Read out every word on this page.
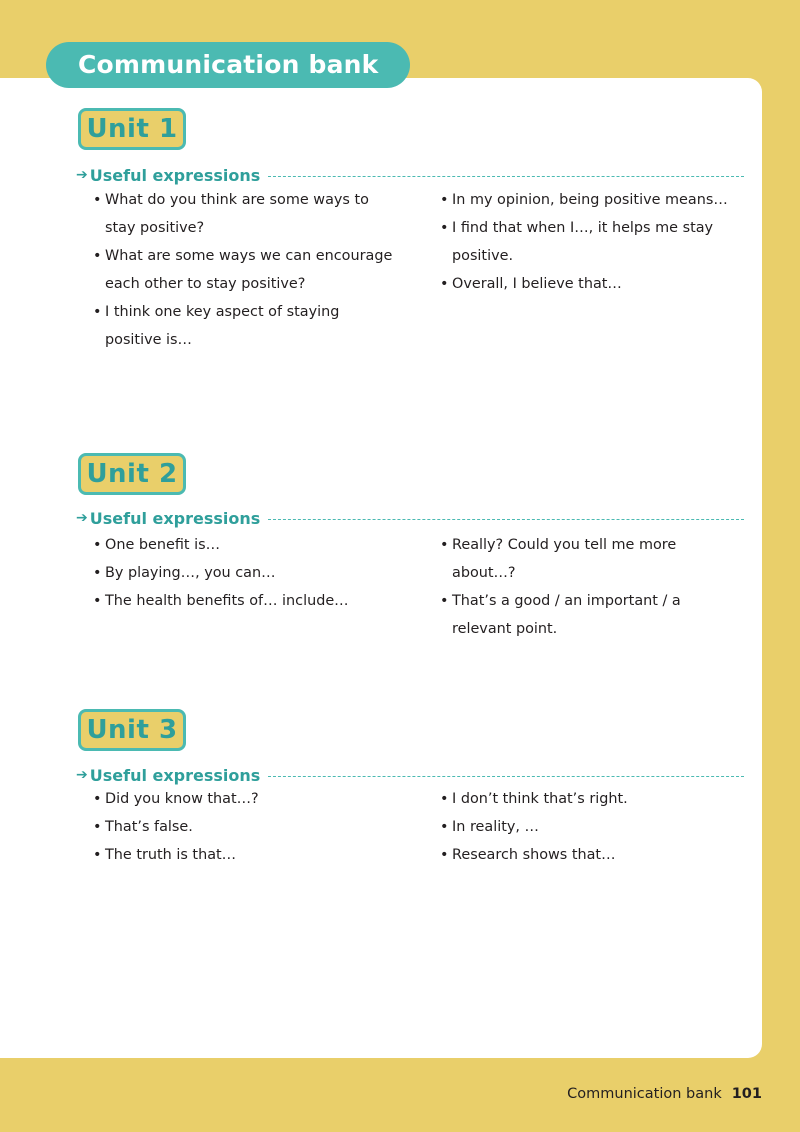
Communication bank
Unit 1
➔ Useful expressions
• What do you think are some ways to stay positive?
• What are some ways we can encourage each other to stay positive?
• I think one key aspect of staying positive is…
• In my opinion, being positive means…
• I find that when I…, it helps me stay positive.
• Overall, I believe that…
Unit 2
➔ Useful expressions
• One benefit is…
• By playing…, you can…
• The health benefits of… include…
• Really? Could you tell me more about…?
• That’s a good / an important / a relevant point.
Unit 3
➔ Useful expressions
• Did you know that…?
• That’s false.
• The truth is that…
• I don’t think that’s right.
• In reality, …
• Research shows that…
Communication bank 101
